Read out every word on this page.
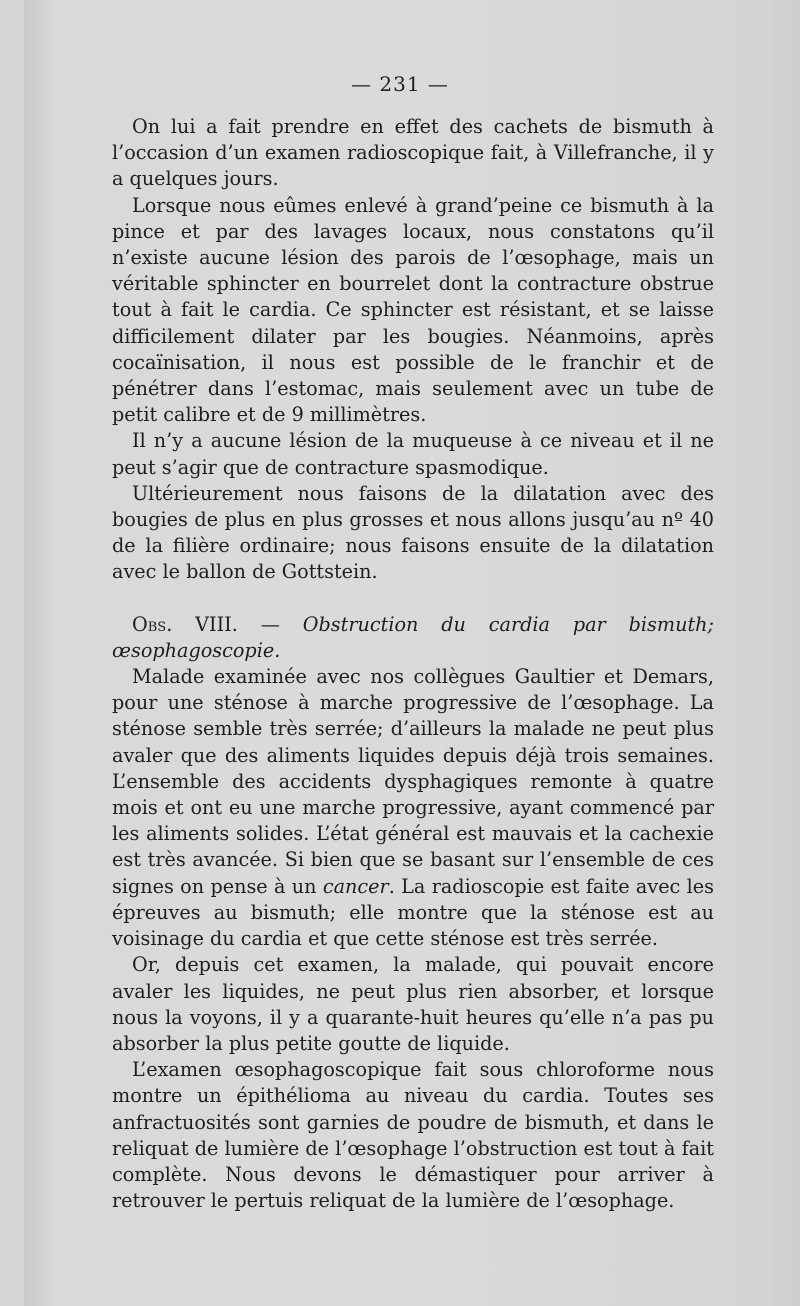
— 231 —

On lui a fait prendre en effet des cachets de bismuth à l’occasion d’un examen radioscopique fait, à Villefranche, il y a quelques jours.

Lorsque nous eûmes enlevé à grand’peine ce bismuth à la pince et par des lavages locaux, nous constatons qu’il n’existe aucune lésion des parois de l’œsophage, mais un véritable sphincter en bourrelet dont la contracture obstrue tout à fait le cardia. Ce sphincter est résistant, et se laisse difficilement dilater par les bougies. Néanmoins, après cocaïnisation, il nous est possible de le franchir et de pénétrer dans l’estomac, mais seulement avec un tube de petit calibre et de 9 millimètres.

Il n’y a aucune lésion de la muqueuse à ce niveau et il ne peut s’agir que de contracture spasmodique.

Ultérieurement nous faisons de la dilatation avec des bougies de plus en plus grosses et nous allons jusqu’au nº 40 de la filière ordinaire; nous faisons ensuite de la dilatation avec le ballon de Gottstein.

Obs. VIII. — Obstruction du cardia par bismuth; œsophagoscopie.

Malade examinée avec nos collègues Gaultier et Demars, pour une sténose à marche progressive de l’œsophage. La sténose semble très serrée; d’ailleurs la malade ne peut plus avaler que des aliments liquides depuis déjà trois semaines. L’ensemble des accidents dysphagiques remonte à quatre mois et ont eu une marche progressive, ayant commencé par les aliments solides. L’état général est mauvais et la cachexie est très avancée. Si bien que se basant sur l’ensemble de ces signes on pense à un cancer. La radioscopie est faite avec les épreuves au bismuth; elle montre que la sténose est au voisinage du cardia et que cette sténose est très serrée.

Or, depuis cet examen, la malade, qui pouvait encore avaler les liquides, ne peut plus rien absorber, et lorsque nous la voyons, il y a quarante-huit heures qu’elle n’a pas pu absorber la plus petite goutte de liquide.

L’examen œsophagoscopique fait sous chloroforme nous montre un épithélioma au niveau du cardia. Toutes ses anfractuosités sont garnies de poudre de bismuth, et dans le reliquat de lumière de l’œsophage l’obstruction est tout à fait complète. Nous devons le démastiquer pour arriver à retrouver le pertuis reliquat de la lumière de l’œsophage.
